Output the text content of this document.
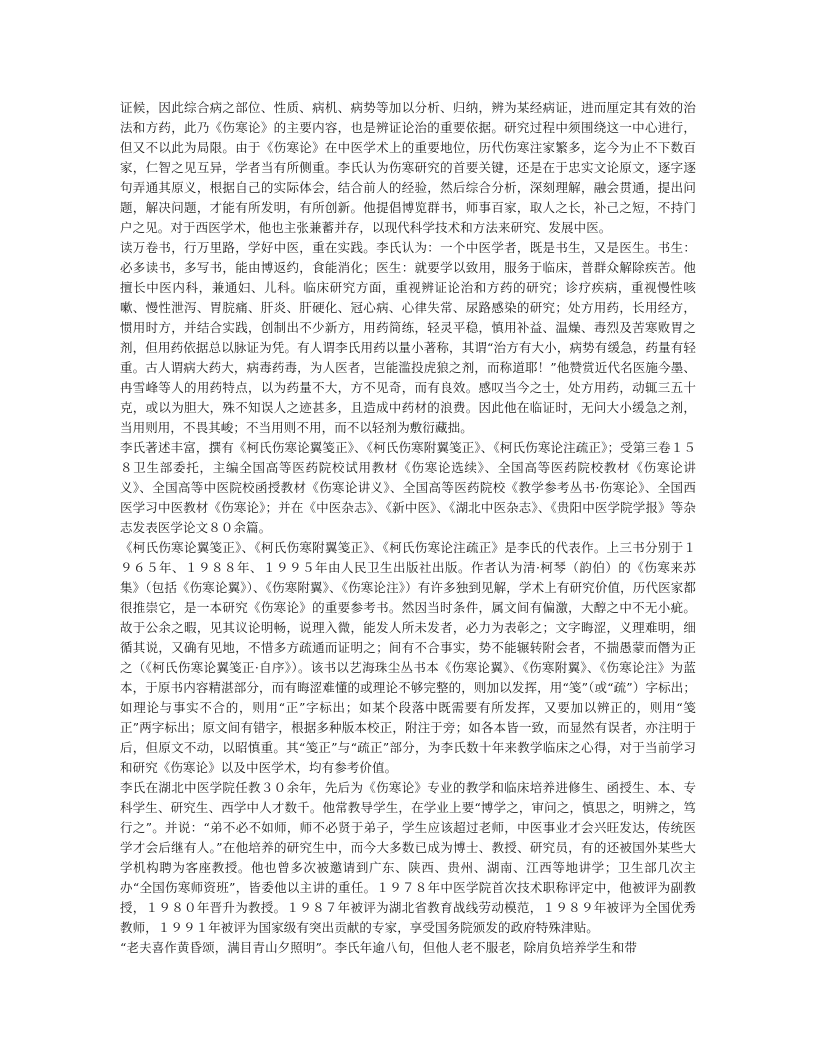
证候，因此综合病之部位、性质、病机、病势等加以分析、归纳，辨为某经病证，进而厘定其有效的治法和方药，此乃《伤寒论》的主要内容，也是辨证论治的重要依据。研究过程中须围绕这一中心进行，但又不以此为局限。由于《伤寒论》在中医学术上的重要地位，历代伤寒注家繁多，迄今为止不下数百家，仁智之见互异，学者当有所侧重。李氏认为伤寒研究的首要关键，还是在于忠实文论原文，逐字逐句弄通其原义，根据自己的实际体会，结合前人的经验，然后综合分析，深刻理解，融会贯通，提出问题，解决问题，才能有所发明，有所创新。他提倡博览群书，师事百家，取人之长，补己之短，不持门户之见。对于西医学术，他也主张兼蓄并存，以现代科学技术和方法来研究、发展中医。

读万卷书，行万里路，学好中医，重在实践。李氏认为：一个中医学者，既是书生，又是医生。书生：必多读书，多写书，能由博返约，食能消化；医生：就要学以致用，服务于临床，普群众解除疾苦。他擅长中医内科，兼通妇、儿科。临床研究方面，重视辨证论治和方药的研究；诊疗疾病，重视慢性咳嗽、慢性泄泻、胃脘痛、肝炎、肝硬化、冠心病、心律失常、尿路感染的研究；处方用药，长用经方，惯用时方，并结合实践，创制出不少新方，用药简练，轻灵平稳，慎用补益、温燥、毒烈及苦寒败胃之剂，但用药依据总以脉证为凭。有人谓李氏用药以量小著称，其谓“治方有大小，病势有缓急，药量有轻重。古人谓病大药大，病毒药毒，为人医者，岂能滥投虎狼之剂，而称道耶！”他赞赏近代名医施今墨、冉雪峰等人的用药特点，以为药量不大，方不见奇，而有良效。感叹当今之士，处方用药，动辄三五十克，或以为胆大，殊不知误人之迹甚多，且造成中药材的浪费。因此他在临证时，无问大小缓急之剂，当用则用，不畏其峻；不当用则不用，而不以轻剂为敷衍藏拙。

李氏著述丰富，撰有《柯氏伤寒论翼笺正》、《柯氏伤寒附翼笺正》、《柯氏伤寒论注疏正》；受第三卷１５８卫生部委托，主编全国高等医药院校试用教材《伤寒论选续》、全国高等医药院校教材《伤寒论讲义》、全国高等中医院校函授教材《伤寒论讲义》、全国高等医药院校《教学参考丛书·伤寒论》、全国西医学习中医教材《伤寒论》；并在《中医杂志》、《新中医》、《湖北中医杂志》、《贵阳中医学院学报》等杂志发表医学论文８０余篇。

《柯氏伤寒论翼笺正》、《柯氏伤寒附翼笺正》、《柯氏伤寒论注疏正》是李氏的代表作。上三书分别于１９６５年、１９８８年、１９９５年由人民卫生出版社出版。作者认为清·柯琴（韵伯）的《伤寒来苏集》（包括《伤寒论翼》）、《伤寒附翼》、《伤寒论注》）有许多独到见解，学术上有研究价值，历代医家都很推崇它，是一本研究《伤寒论》的重要参考书。然因当时条件，属文间有偏激，大醇之中不无小疵。故于公余之暇，见其议论明畅，说理入微，能发人所未发者，必力为表彰之；文字晦涩，义理难明，细循其说，又确有见地，不惜多方疏通而证明之；间有不合事实，势不能辗转附会者，不揣愚蒙而僭为正之（《柯氏伤寒论翼笺正·自序》）。该书以艺海珠尘丛书本《伤寒论翼》、《伤寒附翼》、《伤寒论注》为蓝本，于原书内容精湛部分，而有晦涩难懂的或理论不够完整的，则加以发挥，用“笺”（或“疏”）字标出；如理论与事实不合的，则用“正”字标出；如某个段落中既需要有所发挥，又要加以辨正的，则用“笺正”两字标出；原文间有错字，根据多种版本校正，附注于旁；如各本皆一致，而显然有误者，亦注明于后，但原文不动，以昭慎重。其“笺正”与“疏正”部分，为李氏数十年来教学临床之心得，对于当前学习和研究《伤寒论》以及中医学术，均有参考价值。

李氏在湖北中医学院任教３０余年，先后为《伤寒论》专业的教学和临床培养进修生、函授生、本、专科学生、研究生、西学中人才数千。他常教导学生，在学业上要“博学之，审问之，慎思之，明辨之，笃行之”。并说：“弟不必不如师，师不必贤于弟子，学生应该超过老师，中医事业才会兴旺发达，传统医学才会后继有人。”在他培养的研究生中，而今大多数已成为博士、教授、研究员，有的还被国外某些大学机构聘为客座教授。他也曾多次被邀请到广东、陕西、贵州、湖南、江西等地讲学；卫生部几次主办“全国伤寒师资班”，皆委他以主讲的重任。１９７８年中医学院首次技术职称评定中，他被评为副教授，１９８０年晋升为教授。１９８７年被评为湖北省教育战线劳动模范，１９８９年被评为全国优秀教师，１９９１年被评为国家级有突出贡献的专家，享受国务院颁发的政府特殊津贴。

“老夫喜作黄昏颂，满目青山夕照明”。李氏年逾八旬，但他人老不服老，除肩负培养学生和带
